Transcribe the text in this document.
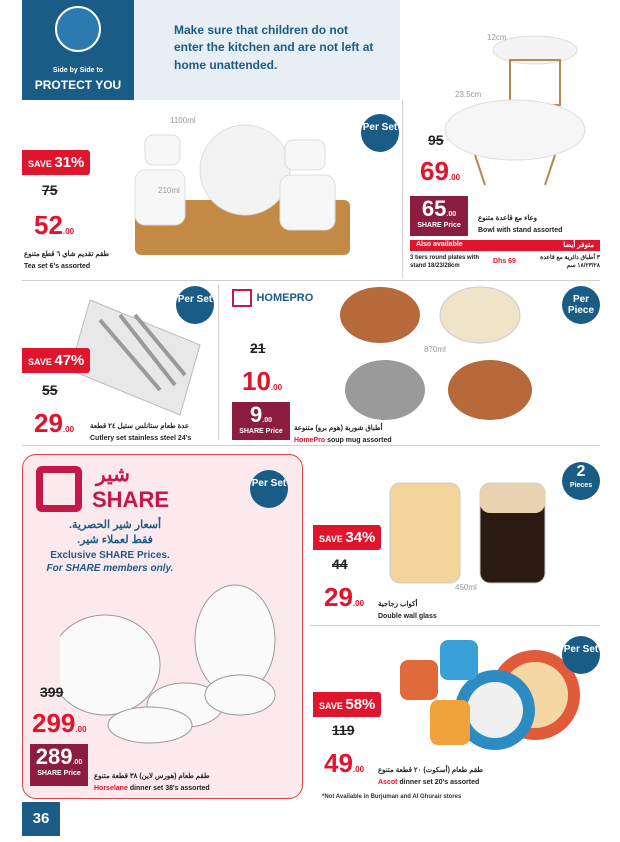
Side by Side to
PROTECT YOU
Make sure that children do not enter the kitchen and are not left at home unattended.
12cm
23.5cm
Per Set
1100ml
210ml
SAVE 31%
75
52.00
طقم تقديم شاي ٦ قطع متنوع
Tea set 6's assorted
Per Set
95
69.00
65.00
SHARE Price
وعاء مع قاعدة متنوع
Bowl with stand assorted
Also available	متوفر أيضا
3 tiers round plates with stand 18/23/28cm
Dhs 69	٣ أطباق دائرية مع قاعدة ١٨/٢٣/٢٨ سم
Per Set
SAVE 47%
55
29.00 عدة طعام ستانلس ستيل ٢٤ قطعة
Cutlery set stainless steel 24's
HOMEPRO
870ml
Per
Piece
21
10.00
9.00
SHARE Price	أطباق شوربة (هوم برو) متنوعة
HomePro soup mug assorted
شير
SHARE
Per Set
أسعار شير الحصرية.
فقط لعملاء شير.
Exclusive SHARE Prices.
For SHARE members only.
399
299.00
289.00
SHARE Price	طقم طعام (هورس لاين) ٣٨ قطعة متنوع
Horselane dinner set 38's assorted
2
Pieces
450ml
SAVE 34%
44
29.00 أكواب زجاجية
Double wall glass
Per Set
SAVE 58%
119
49.00 طقم طعام (أسكوت) ٢٠ قطعة متنوع
Ascot dinner set 20's assorted
*Not Available in Burjuman and Al Ghurair stores
36
